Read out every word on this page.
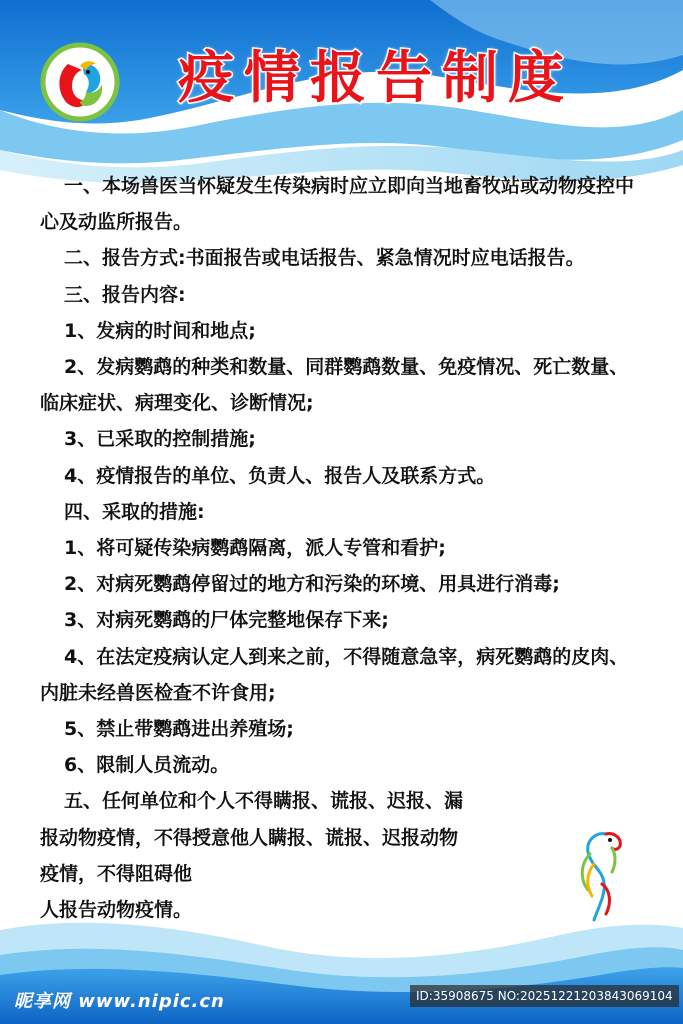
疫情报告制度

一、本场兽医当怀疑发生传染病时应立即向当地畜牧站或动物疫控中心及动监所报告。

二、报告方式:书面报告或电话报告、紧急情况时应电话报告。

三、报告内容:

1、发病的时间和地点;

2、发病鹦鹉的种类和数量、同群鹦鹉数量、免疫情况、死亡数量、临床症状、病理变化、诊断情况;

3、已采取的控制措施;

4、疫情报告的单位、负责人、报告人及联系方式。

四、采取的措施:

1、将可疑传染病鹦鹉隔离，派人专管和看护;

2、对病死鹦鹉停留过的地方和污染的环境、用具进行消毒;

3、对病死鹦鹉的尸体完整地保存下来;

4、在法定疫病认定人到来之前，不得随意急宰，病死鹦鹉的皮肉、内脏未经兽医检查不许食用;

5、禁止带鹦鹉进出养殖场;

6、限制人员流动。

五、任何单位和个人不得瞒报、谎报、迟报、漏

报动物疫情，不得授意他人瞒报、谎报、迟报动物

疫情，不得阻碍他

人报告动物疫情。

昵享网 www.nipic.cn	ID:35908675 NO:20251221203843069104
